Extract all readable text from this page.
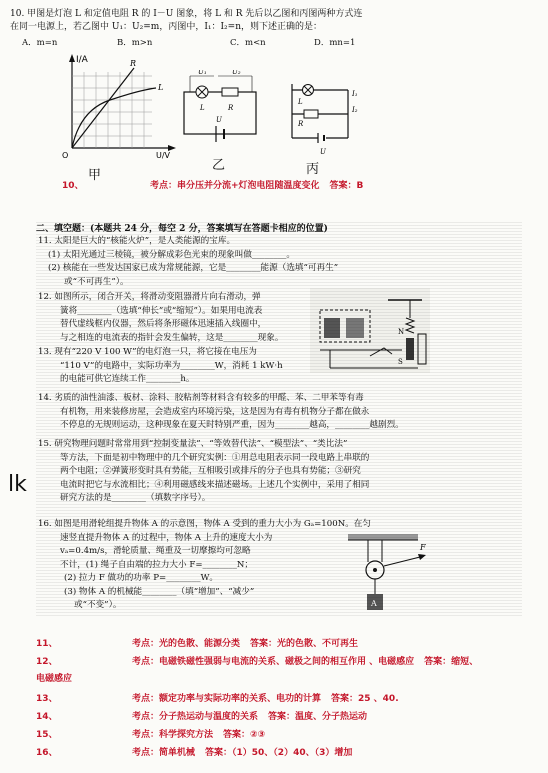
10. 甲图是灯泡 L 和定值电阻 R 的 I－U 图象，将 L 和 R 先后以乙图和丙图两种方式连
在同一电源上，若乙图中 U₁：U₂=m，丙图中，I₁：I₂=n，则下述正确的是：
A．m=n	B．m>n	C．m<n	D．mn=1
I/A
U/V
O
R
L
甲
U₁	U₂
L	R
U
乙
L
R
I₁
I₂
U
丙
10、	考点：串分压并分流+灯泡电阻随温度变化 答案：B
二、填空题：(本题共 24 分，每空 2 分，答案填写在答题卡相应的位置)
11. 太阳是巨大的“核能火炉”，是人类能源的宝库。
(1) 太阳光通过三棱镜，被分解成彩色光束的现象叫做________。
(2) 核能在一些发达国家已成为常规能源，它是________能源（选填“可再生”
或“不可再生”）。
12. 如图所示，闭合开关，将滑动变阻器滑片向右滑动，弹
簧将________（选填“伸长”或“缩短”）。如果用电流表
替代虚线框内仪器，然后将条形磁体迅速插入线圈中，
与之相连的电流表的指针会发生偏转，这是________现象。
N
S
13. 现有“220 V 100 W”的电灯泡一只，将它接在电压为
“110 V”的电路中，实际功率为________W，消耗 1 kW·h
的电能可供它连续工作________h。
14. 劣质的油性油漆、板材、涂料、胶粘剂等材料含有较多的甲醛、苯、二甲苯等有毒
有机物，用来装修房屋，会造成室内环境污染，这是因为有毒有机物分子都在做永
不停息的无规则运动，这种现象在夏天时特别严重，因为________越高，________越剧烈。
15. 研究物理问题时常常用到“控制变量法”、“等效替代法”、“模型法”、“类比法”
等方法，下面是初中物理中的几个研究实例：①用总电阻表示同一段电路上串联的
两个电阻；②弹簧形变时具有势能，互相吸引或排斥的分子也具有势能；③研究
电流时把它与水流相比；④利用磁感线来描述磁场。上述几个实例中，采用了相同
研究方法的是________（填数字序号）。
lk
16. 如图是用滑轮组提升物体 A 的示意图，物体 A 受到的重力大小为 Gₐ=100N。在匀
速竖直提升物体 A 的过程中，物体 A 上升的速度大小为
vₐ=0.4m/s，滑轮质量、绳重及一切摩擦均可忽略
不计，(1) 绳子自由端的拉力大小 F=________N；
(2) 拉力 F 做功的功率 P=________W。
(3) 物体 A 的机械能________（填“增加”、“减少”
或“不变”）。	A
F
11、	考点：光的色散、能源分类 答案：光的色散、不可再生
12、	考点：电磁铁磁性强弱与电流的关系、磁极之间的相互作用 、电磁感应 答案：缩短、电磁感应
13、	考点：额定功率与实际功率的关系、电功的计算 答案：25 、40.
14、	考点：分子热运动与温度的关系 答案：温度、分子热运动
15、	考点：科学探究方法 答案：②③
16、	考点：简单机械 答案：（1）50、（2）40、（3）增加
